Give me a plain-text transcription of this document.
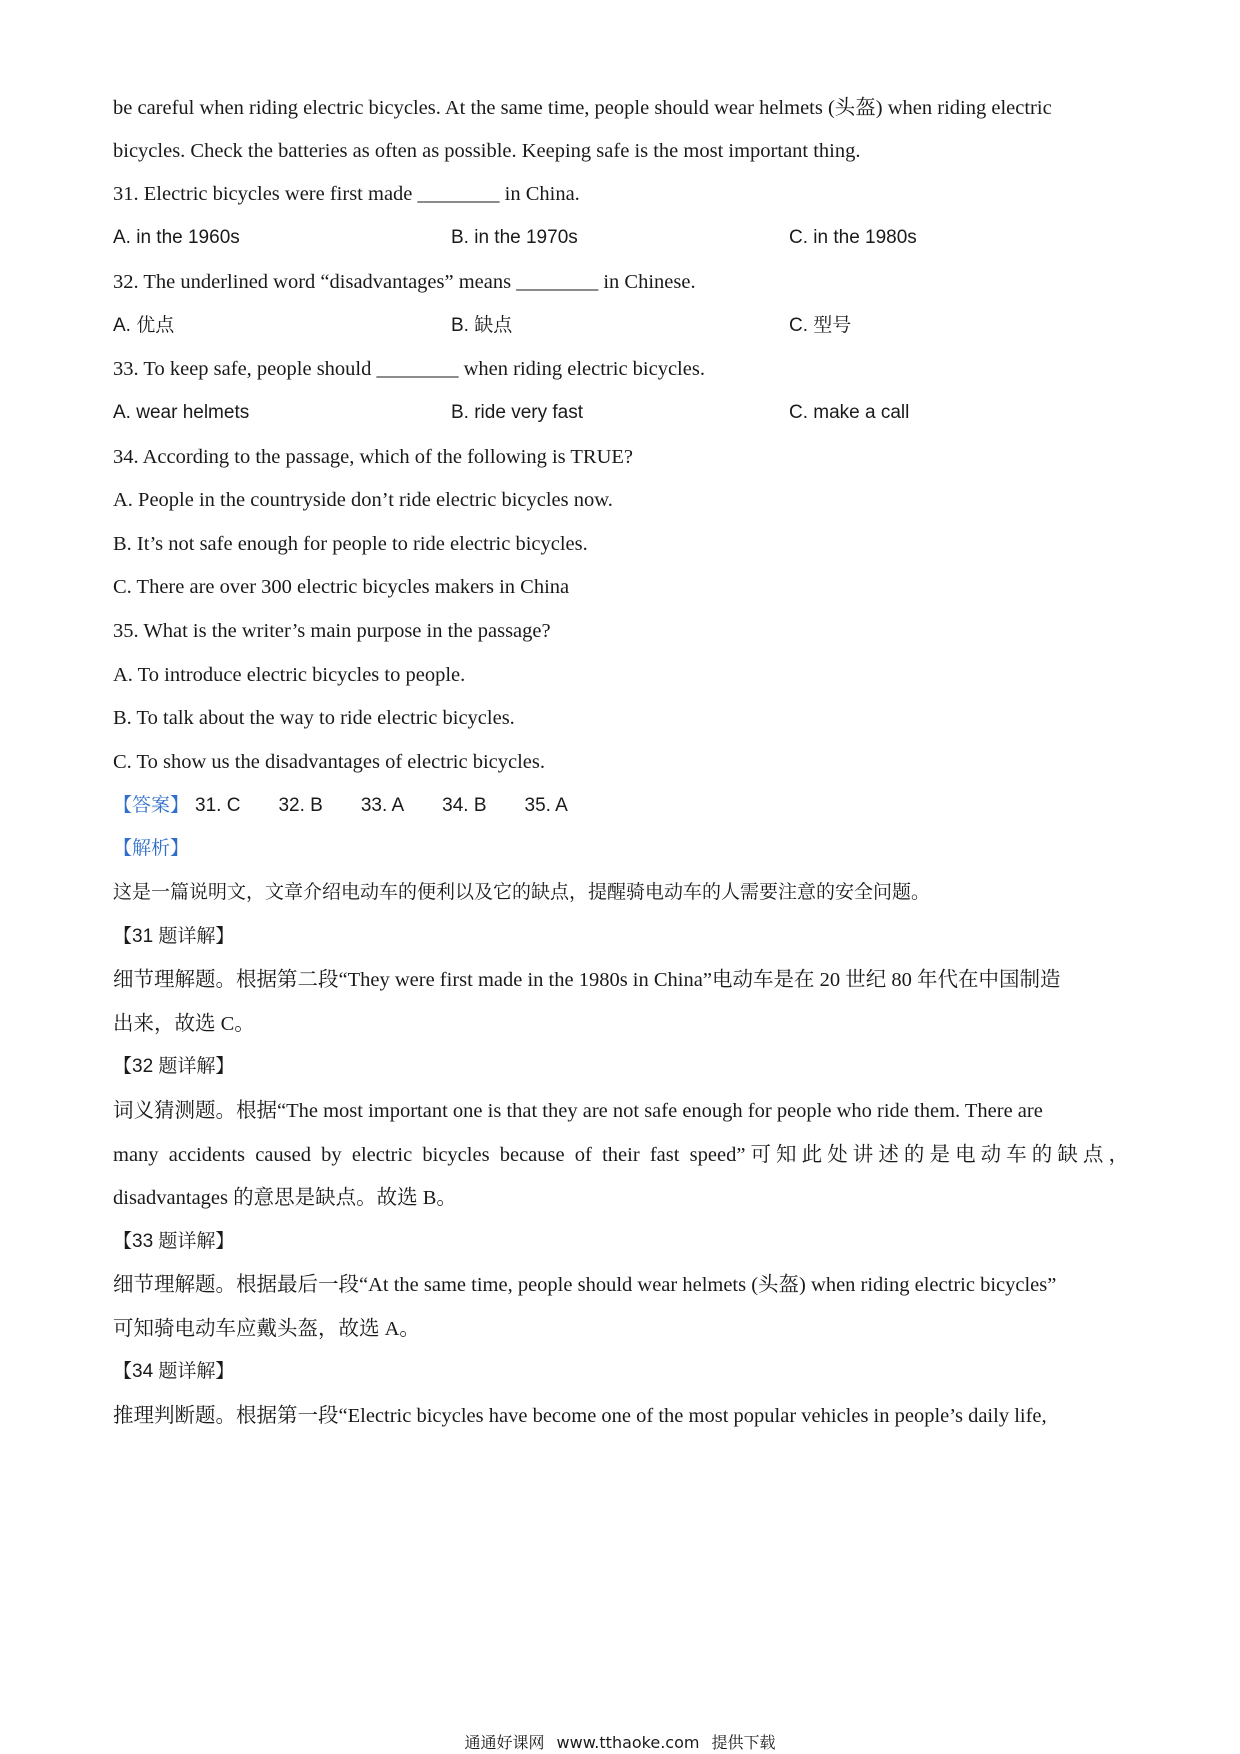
be careful when riding electric bicycles. At the same time, people should wear helmets (头盔) when riding electric
bicycles. Check the batteries as often as possible. Keeping safe is the most important thing.
31. Electric bicycles were first made ________ in China.
A. in the 1960s	B. in the 1970s	C. in the 1980s
32. The underlined word “disadvantages” means ________ in Chinese.
A. 优点	B. 缺点	C. 型号
33. To keep safe, people should ________ when riding electric bicycles.
A. wear helmets	B. ride very fast	C. make a call
34. According to the passage, which of the following is TRUE?
A. People in the countryside don’t ride electric bicycles now.
B. It’s not safe enough for people to ride electric bicycles.
C. There are over 300 electric bicycles makers in China
35. What is the writer’s main purpose in the passage?
A. To introduce electric bicycles to people.
B. To talk about the way to ride electric bicycles.
C. To show us the disadvantages of electric bicycles.
【答案】 31. C 32. B 33. A 34. B 35. A
【解析】
这是一篇说明文，文章介绍电动车的便利以及它的缺点，提醒骑电动车的人需要注意的安全问题。
【31 题详解】
细节理解题。根据第二段“They were first made in the 1980s in China”电动车是在 20 世纪 80 年代在中国制造
出来，故选 C。
【32 题详解】
词义猜测题。根据“The most important one is that they are not safe enough for people who ride them. There are
many accidents caused by electric bicycles because of their fast speed”可知此处讲述的是电动车的缺点，
disadvantages 的意思是缺点。故选 B。
【33 题详解】
细节理解题。根据最后一段“At the same time, people should wear helmets (头盔) when riding electric bicycles”
可知骑电动车应戴头盔，故选 A。
【34 题详解】
推理判断题。根据第一段“Electric bicycles have become one of the most popular vehicles in people’s daily life,
通通好课网 www.tthaoke.com 提供下载
